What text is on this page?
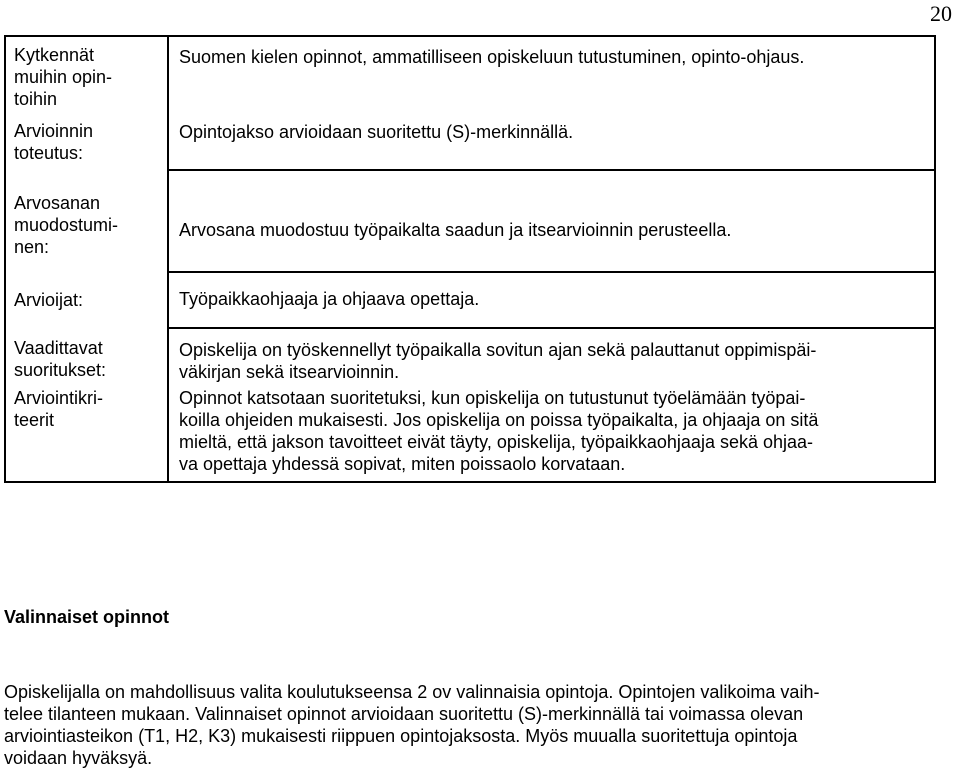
20
Kytkennät
muihin opin-
toihin
Arvioinnin
toteutus:
Arvosanan
muodostumi-
nen:
Arvioijat:
Vaadittavat
suoritukset:
Arviointikri-
teerit
Suomen kielen opinnot, ammatilliseen opiskeluun tutustuminen, opinto-ohjaus.
Opintojakso arvioidaan suoritettu (S)-merkinnällä.
Arvosana muodostuu työpaikalta saadun ja itsearvioinnin perusteella.
Työpaikkaohjaaja ja ohjaava opettaja.
Opiskelija on työskennellyt työpaikalla sovitun ajan sekä palauttanut oppimispäi-
väkirjan sekä itsearvioinnin.
Opinnot katsotaan suoritetuksi, kun opiskelija on tutustunut työelämään työpai-
koilla ohjeiden mukaisesti. Jos opiskelija on poissa työpaikalta, ja ohjaaja on sitä
mieltä, että jakson tavoitteet eivät täyty, opiskelija, työpaikkaohjaaja sekä ohjaa-
va opettaja yhdessä sopivat, miten poissaolo korvataan.
Valinnaiset opinnot
Opiskelijalla on mahdollisuus valita koulutukseensa 2 ov valinnaisia opintoja. Opintojen valikoima vaih-
telee tilanteen mukaan. Valinnaiset opinnot arvioidaan suoritettu (S)-merkinnällä tai voimassa olevan
arviointiasteikon (T1, H2, K3) mukaisesti riippuen opintojaksosta. Myös muualla suoritettuja opintoja
voidaan hyväksyä.
